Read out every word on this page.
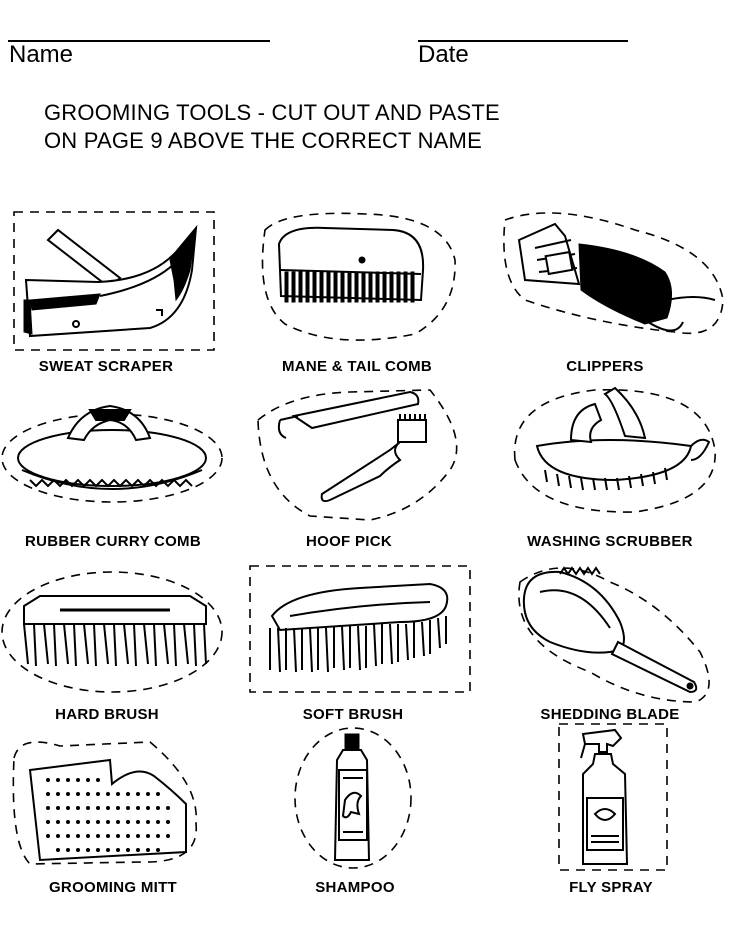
Name	Date
GROOMING TOOLS - CUT OUT AND PASTE
ON PAGE 9 ABOVE THE CORRECT NAME
SWEAT SCRAPER	MANE & TAIL COMB	CLIPPERS
RUBBER CURRY COMB	HOOF PICK	WASHING SCRUBBER
HARD BRUSH	SOFT BRUSH	SHEDDING BLADE
GROOMING MITT	SHAMPOO	FLY SPRAY
